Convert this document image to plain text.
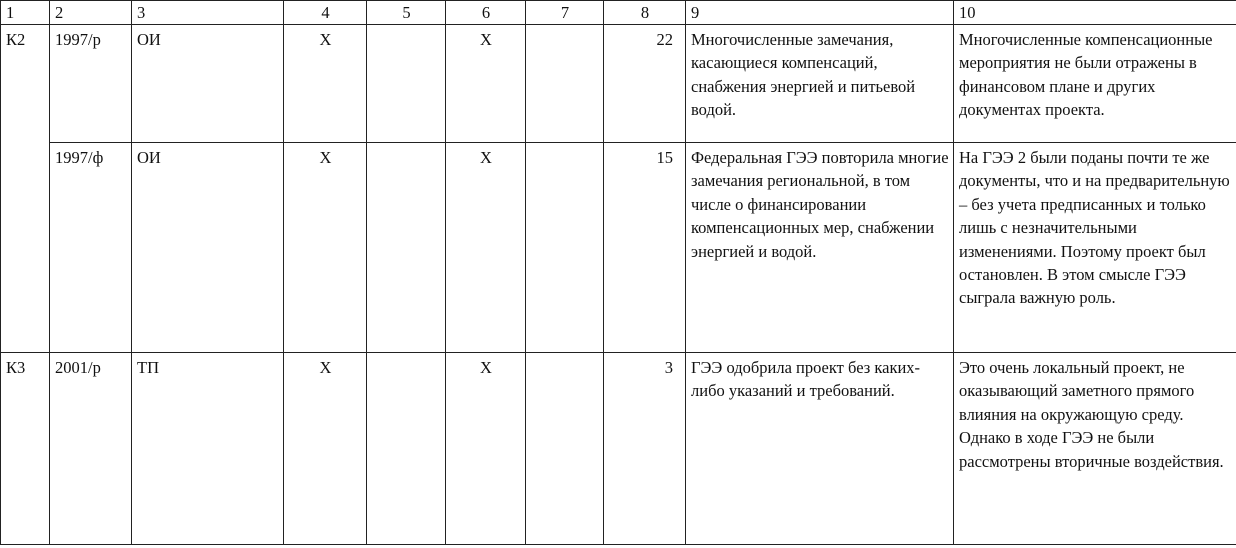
1	2	3	4	5	6	7	8	9	10
К2	1997/р	ОИ	Х		Х		22	Многочисленные замечания, касающиеся компенсаций, снабжения энергией и питьевой водой.	Многочисленные компенсационные мероприятия не были отражены в финансовом плане и других документах проекта.
	1997/ф	ОИ	Х		Х		15	Федеральная ГЭЭ повторила многие замечания региональной, в том числе о финансировании компенсационных мер, снабжении энергией и водой.	На ГЭЭ 2 были поданы почти те же документы, что и на предварительную – без учета предписанных и только лишь с незначительными изменениями. Поэтому проект был остановлен. В этом смысле ГЭЭ сыграла важную роль.
К3	2001/р	ТП	Х		Х		3	ГЭЭ одобрила проект без каких-либо указаний и требований.	Это очень локальный проект, не оказывающий заметного прямого влияния на окружающую среду. Однако в ходе ГЭЭ не были рассмотрены вторичные воздействия.
